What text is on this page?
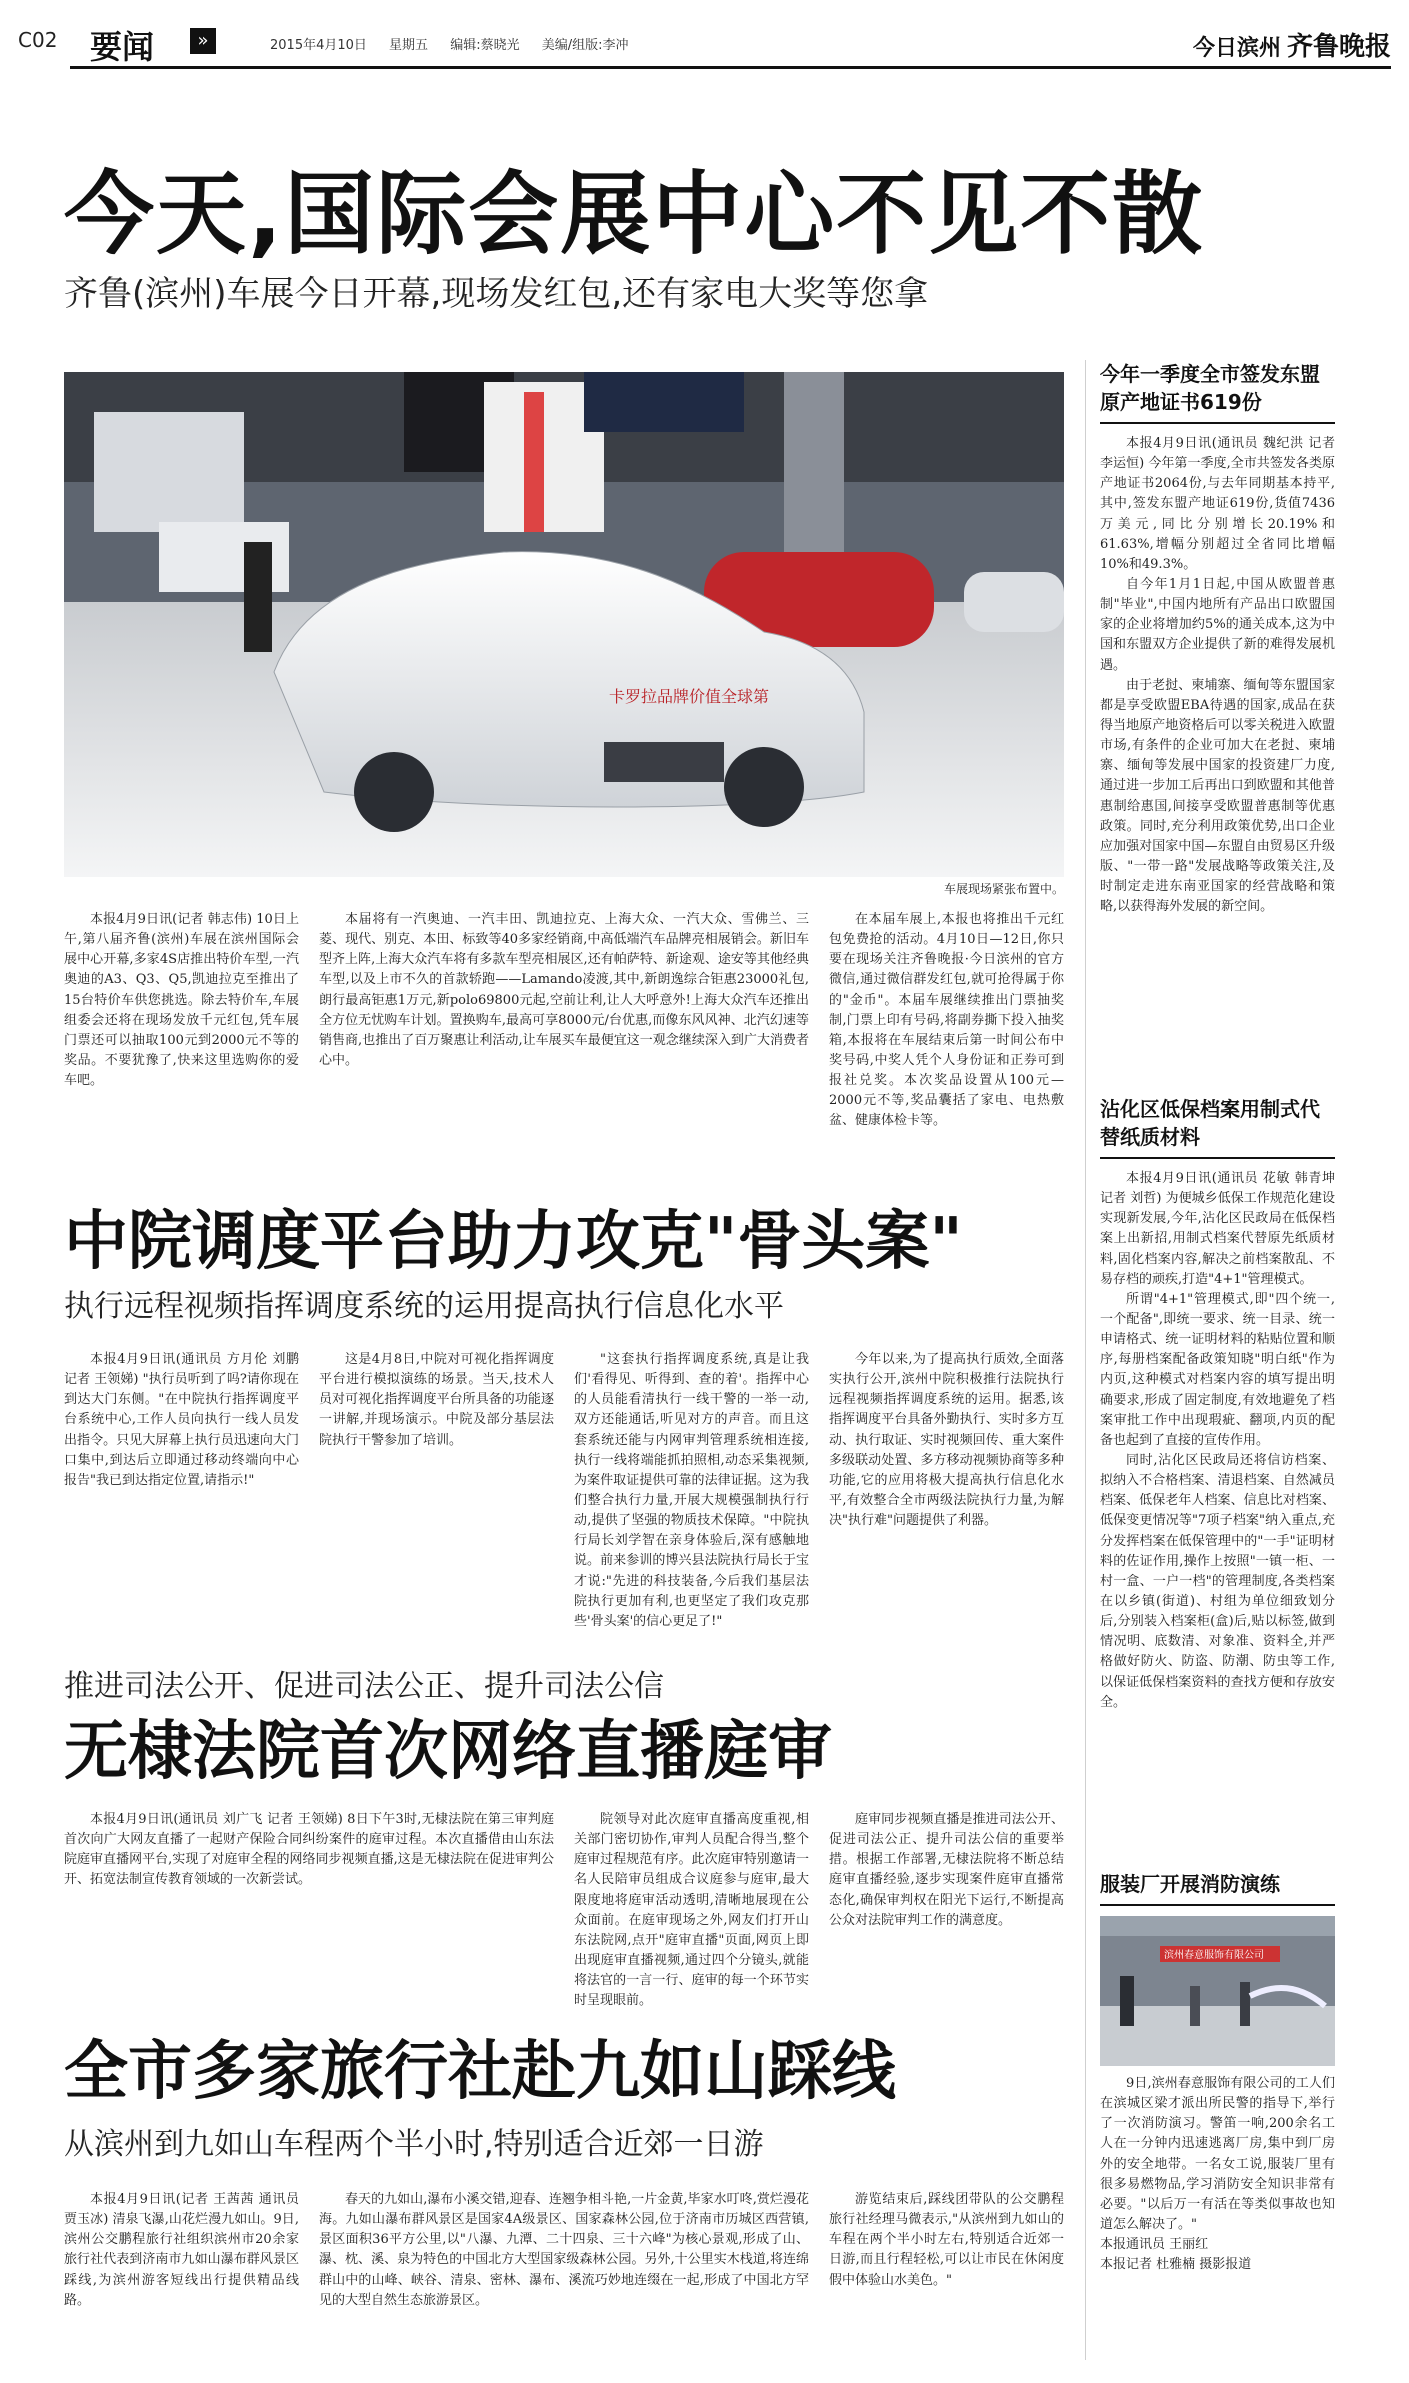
C02	要闻	»	2015年4月10日 星期五 编辑:蔡晓光 美编/组版:李冲	今日滨州 齐鲁晚报
今天,国际会展中心不见不散
齐鲁(滨州)车展今日开幕,现场发红包,还有家电大奖等您拿
卡罗拉品牌价值全球第
车展现场紧张布置中。

本报4月9日讯(记者 韩志伟) 10日上午,第八届齐鲁(滨州)车展在滨州国际会展中心开幕,多家4S店推出特价车型,一汽奥迪的A3、Q3、Q5,凯迪拉克至推出了15台特价车供您挑选。除去特价车,车展组委会还将在现场发放千元红包,凭车展门票还可以抽取100元到2000元不等的奖品。不要犹豫了,快来这里选购你的爱车吧。

本届将有一汽奥迪、一汽丰田、凯迪拉克、上海大众、一汽大众、雪佛兰、三菱、现代、别克、本田、标致等40多家经销商,中高低端汽车品牌亮相展销会。新旧车型齐上阵,上海大众汽车将有多款车型亮相展区,还有帕萨特、新途观、途安等其他经典车型,以及上市不久的首款轿跑——Lamando凌渡,其中,新朗逸综合钜惠23000礼包,朗行最高钜惠1万元,新polo69800元起,空前让利,让人大呼意外!上海大众汽车还推出全方位无忧购车计划。置换购车,最高可享8000元/台优惠,而像东风风神、北汽幻速等销售商,也推出了百万聚惠让利活动,让车展买车最便宜这一观念继续深入到广大消费者心中。

在本届车展上,本报也将推出千元红包免费抢的活动。4月10日—12日,你只要在现场关注齐鲁晚报·今日滨州的官方微信,通过微信群发红包,就可抢得属于你的"金币"。本届车展继续推出门票抽奖制,门票上印有号码,将副券撕下投入抽奖箱,本报将在车展结束后第一时间公布中奖号码,中奖人凭个人身份证和正券可到报社兑奖。本次奖品设置从100元—2000元不等,奖品囊括了家电、电热敷盆、健康体检卡等。

中院调度平台助力攻克"骨头案"
执行远程视频指挥调度系统的运用提高执行信息化水平

本报4月9日讯(通讯员 方月伦 刘鹏 记者 王领娣) "执行员听到了吗?请你现在到达大门东侧。"在中院执行指挥调度平台系统中心,工作人员向执行一线人员发出指令。只见大屏幕上执行员迅速向大门口集中,到达后立即通过移动终端向中心报告"我已到达指定位置,请指示!"

这是4月8日,中院对可视化指挥调度平台进行模拟演练的场景。当天,技术人员对可视化指挥调度平台所具备的功能逐一讲解,并现场演示。中院及部分基层法院执行干警参加了培训。

"这套执行指挥调度系统,真是让我们'看得见、听得到、查的着'。指挥中心的人员能看清执行一线干警的一举一动,双方还能通话,听见对方的声音。而且这套系统还能与内网审判管理系统相连接,执行一线将端能抓拍照相,动态采集视频,为案件取证提供可靠的法律证据。这为我们整合执行力量,开展大规模强制执行行动,提供了坚强的物质技术保障。"中院执行局长刘学智在亲身体验后,深有感触地说。前来参训的博兴县法院执行局长于宝才说:"先进的科技装备,今后我们基层法院执行更加有利,也更坚定了我们攻克那些'骨头案'的信心更足了!"

今年以来,为了提高执行质效,全面落实执行公开,滨州中院积极推行法院执行远程视频指挥调度系统的运用。据悉,该指挥调度平台具备外勤执行、实时多方互动、执行取证、实时视频回传、重大案件多级联动处置、多方移动视频协商等多种功能,它的应用将极大提高执行信息化水平,有效整合全市两级法院执行力量,为解决"执行难"问题提供了利器。

推进司法公开、促进司法公正、提升司法公信
无棣法院首次网络直播庭审

本报4月9日讯(通讯员 刘广飞 记者 王领娣) 8日下午3时,无棣法院在第三审判庭首次向广大网友直播了一起财产保险合同纠纷案件的庭审过程。本次直播借由山东法院庭审直播网平台,实现了对庭审全程的网络同步视频直播,这是无棣法院在促进审判公开、拓宽法制宣传教育领域的一次新尝试。

院领导对此次庭审直播高度重视,相关部门密切协作,审判人员配合得当,整个庭审过程规范有序。此次庭审特别邀请一名人民陪审员组成合议庭参与庭审,最大限度地将庭审活动透明,清晰地展现在公众面前。在庭审现场之外,网友们打开山东法院网,点开"庭审直播"页面,网页上即出现庭审直播视频,通过四个分镜头,就能将法官的一言一行、庭审的每一个环节实时呈现眼前。

庭审同步视频直播是推进司法公开、促进司法公正、提升司法公信的重要举措。根据工作部署,无棣法院将不断总结庭审直播经验,逐步实现案件庭审直播常态化,确保审判权在阳光下运行,不断提高公众对法院审判工作的满意度。

全市多家旅行社赴九如山踩线
从滨州到九如山车程两个半小时,特别适合近郊一日游

本报4月9日讯(记者 王茜茜 通讯员 贾玉冰) 清泉飞瀑,山花烂漫九如山。9日,滨州公交鹏程旅行社组织滨州市20余家旅行社代表到济南市九如山瀑布群风景区踩线,为滨州游客短线出行提供精品线路。

春天的九如山,瀑布小溪交错,迎春、连翘争相斗艳,一片金黄,毕家水叮咚,赏烂漫花海。九如山瀑布群风景区是国家4A级景区、国家森林公园,位于济南市历城区西营镇,景区面积36平方公里,以"八瀑、九潭、二十四泉、三十六峰"为核心景观,形成了山、瀑、枕、溪、泉为特色的中国北方大型国家级森林公园。另外,十公里实木栈道,将连绵群山中的山峰、峡谷、清泉、密林、瀑布、溪流巧妙地连缀在一起,形成了中国北方罕见的大型自然生态旅游景区。

游览结束后,踩线团带队的公交鹏程旅行社经理马微表示,"从滨州到九如山的车程在两个半小时左右,特别适合近郊一日游,而且行程轻松,可以让市民在休闲度假中体验山水美色。"

今年一季度全市签发东盟原产地证书619份

本报4月9日讯(通讯员 魏纪洪 记者 李运恒) 今年第一季度,全市共签发各类原产地证书2064份,与去年同期基本持平,其中,签发东盟产地证619份,货值7436万美元,同比分别增长20.19%和61.63%,增幅分别超过全省同比增幅10%和49.3%。

自今年1月1日起,中国从欧盟普惠制"毕业",中国内地所有产品出口欧盟国家的企业将增加约5%的通关成本,这为中国和东盟双方企业提供了新的难得发展机遇。

由于老挝、柬埔寨、缅甸等东盟国家都是享受欧盟EBA待遇的国家,成品在获得当地原产地资格后可以零关税进入欧盟市场,有条件的企业可加大在老挝、柬埔寨、缅甸等发展中国家的投资建厂力度,通过进一步加工后再出口到欧盟和其他普惠制给惠国,间接享受欧盟普惠制等优惠政策。同时,充分利用政策优势,出口企业应加强对国家中国—东盟自由贸易区升级版、"一带一路"发展战略等政策关注,及时制定走进东南亚国家的经营战略和策略,以获得海外发展的新空间。

沾化区低保档案用制式代替纸质材料

本报4月9日讯(通讯员 花敏 韩青坤 记者 刘哲) 为便城乡低保工作规范化建设实现新发展,今年,沾化区民政局在低保档案上出新招,用制式档案代替原先纸质材料,固化档案内容,解决之前档案散乱、不易存档的顽疾,打造"4+1"管理模式。

所谓"4+1"管理模式,即"四个统一,一个配备",即统一要求、统一目录、统一申请格式、统一证明材料的粘贴位置和顺序,每册档案配备政策知晓"明白纸"作为内页,这种模式对档案内容的填写提出明确要求,形成了固定制度,有效地避免了档案审批工作中出现瑕疵、翻项,内页的配备也起到了直接的宣传作用。

同时,沾化区民政局还将信访档案、拟纳入不合格档案、清退档案、自然减员档案、低保老年人档案、信息比对档案、低保变更情况等"7项子档案"纳入重点,充分发挥档案在低保管理中的"一手"证明材料的佐证作用,操作上按照"一镇一柜、一村一盒、一户一档"的管理制度,各类档案在以乡镇(街道)、村组为单位细致划分后,分别装入档案柜(盒)后,贴以标签,做到情况明、底数清、对象准、资料全,并严格做好防火、防盗、防潮、防虫等工作,以保证低保档案资料的查找方便和存放安全。

服装厂开展消防演练
滨州春意服饰有限公司

9日,滨州春意服饰有限公司的工人们在滨城区梁才派出所民警的指导下,举行了一次消防演习。警笛一响,200余名工人在一分钟内迅速逃离厂房,集中到厂房外的安全地带。一名女工说,服装厂里有很多易燃物品,学习消防安全知识非常有必要。"以后万一有活在等类似事故也知道怎么解决了。"

本报通讯员 王丽红
本报记者 杜雅楠 摄影报道
